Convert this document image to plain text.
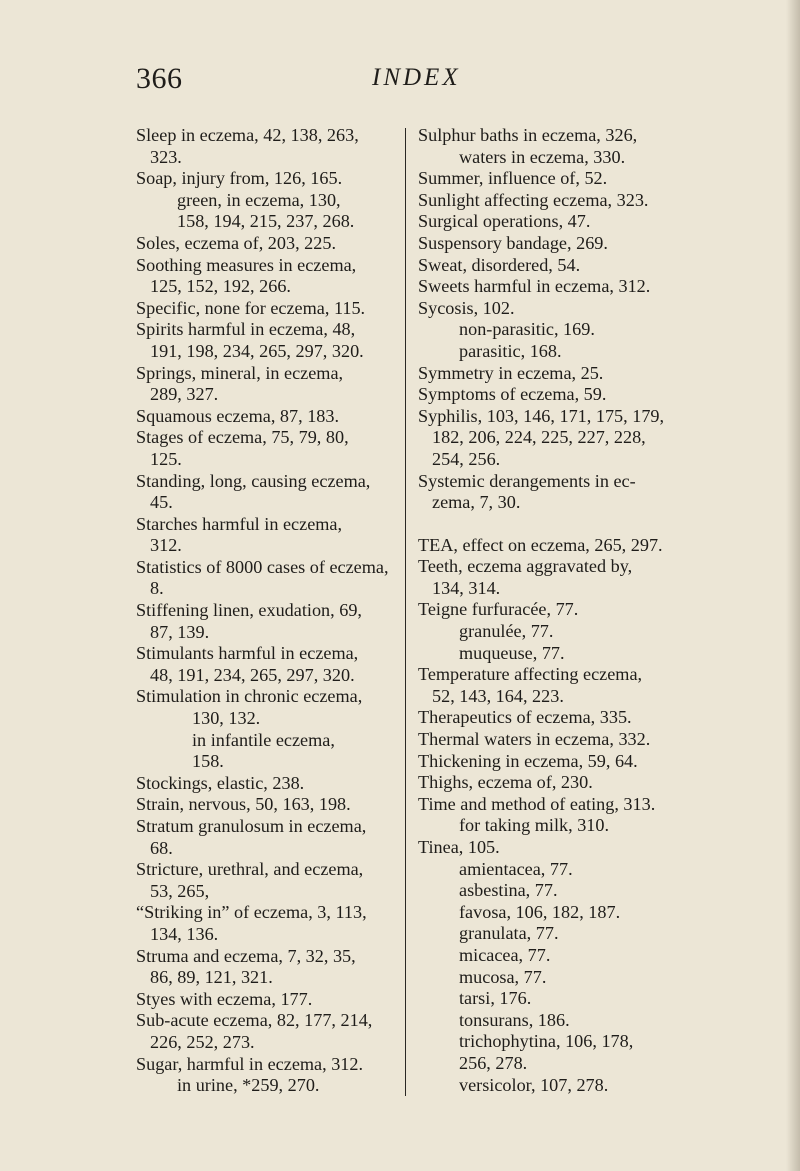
366	INDEX
Sleep in eczema, 42, 138, 263,
323.
Soap, injury from, 126, 165.
green, in eczema, 130,
158, 194, 215, 237, 268.
Soles, eczema of, 203, 225.
Soothing measures in eczema,
125, 152, 192, 266.
Specific, none for eczema, 115.
Spirits harmful in eczema, 48,
191, 198, 234, 265, 297, 320.
Springs, mineral, in eczema,
289, 327.
Squamous eczema, 87, 183.
Stages of eczema, 75, 79, 80,
125.
Standing, long, causing eczema,
45.
Starches harmful in eczema,
312.
Statistics of 8000 cases of eczema,
8.
Stiffening linen, exudation, 69,
87, 139.
Stimulants harmful in eczema,
48, 191, 234, 265, 297, 320.
Stimulation in chronic eczema,
130, 132.
in infantile eczema,
158.
Stockings, elastic, 238.
Strain, nervous, 50, 163, 198.
Stratum granulosum in eczema,
68.
Stricture, urethral, and eczema,
53, 265,
“Striking in” of eczema, 3, 113,
134, 136.
Struma and eczema, 7, 32, 35,
86, 89, 121, 321.
Styes with eczema, 177.
Sub-acute eczema, 82, 177, 214,
226, 252, 273.
Sugar, harmful in eczema, 312.
in urine, *259, 270.
Sulphur baths in eczema, 326,
waters in eczema, 330.
Summer, influence of, 52.
Sunlight affecting eczema, 323.
Surgical operations, 47.
Suspensory bandage, 269.
Sweat, disordered, 54.
Sweets harmful in eczema, 312.
Sycosis, 102.
non-parasitic, 169.
parasitic, 168.
Symmetry in eczema, 25.
Symptoms of eczema, 59.
Syphilis, 103, 146, 171, 175, 179,
182, 206, 224, 225, 227, 228,
254, 256.
Systemic derangements in ec-
zema, 7, 30.
TEA, effect on eczema, 265, 297.
Teeth, eczema aggravated by,
134, 314.
Teigne furfuracée, 77.
granulée, 77.
muqueuse, 77.
Temperature affecting eczema,
52, 143, 164, 223.
Therapeutics of eczema, 335.
Thermal waters in eczema, 332.
Thickening in eczema, 59, 64.
Thighs, eczema of, 230.
Time and method of eating, 313.
for taking milk, 310.
Tinea, 105.
amientacea, 77.
asbestina, 77.
favosa, 106, 182, 187.
granulata, 77.
micacea, 77.
mucosa, 77.
tarsi, 176.
tonsurans, 186.
trichophytina, 106, 178,
256, 278.
versicolor, 107, 278.
